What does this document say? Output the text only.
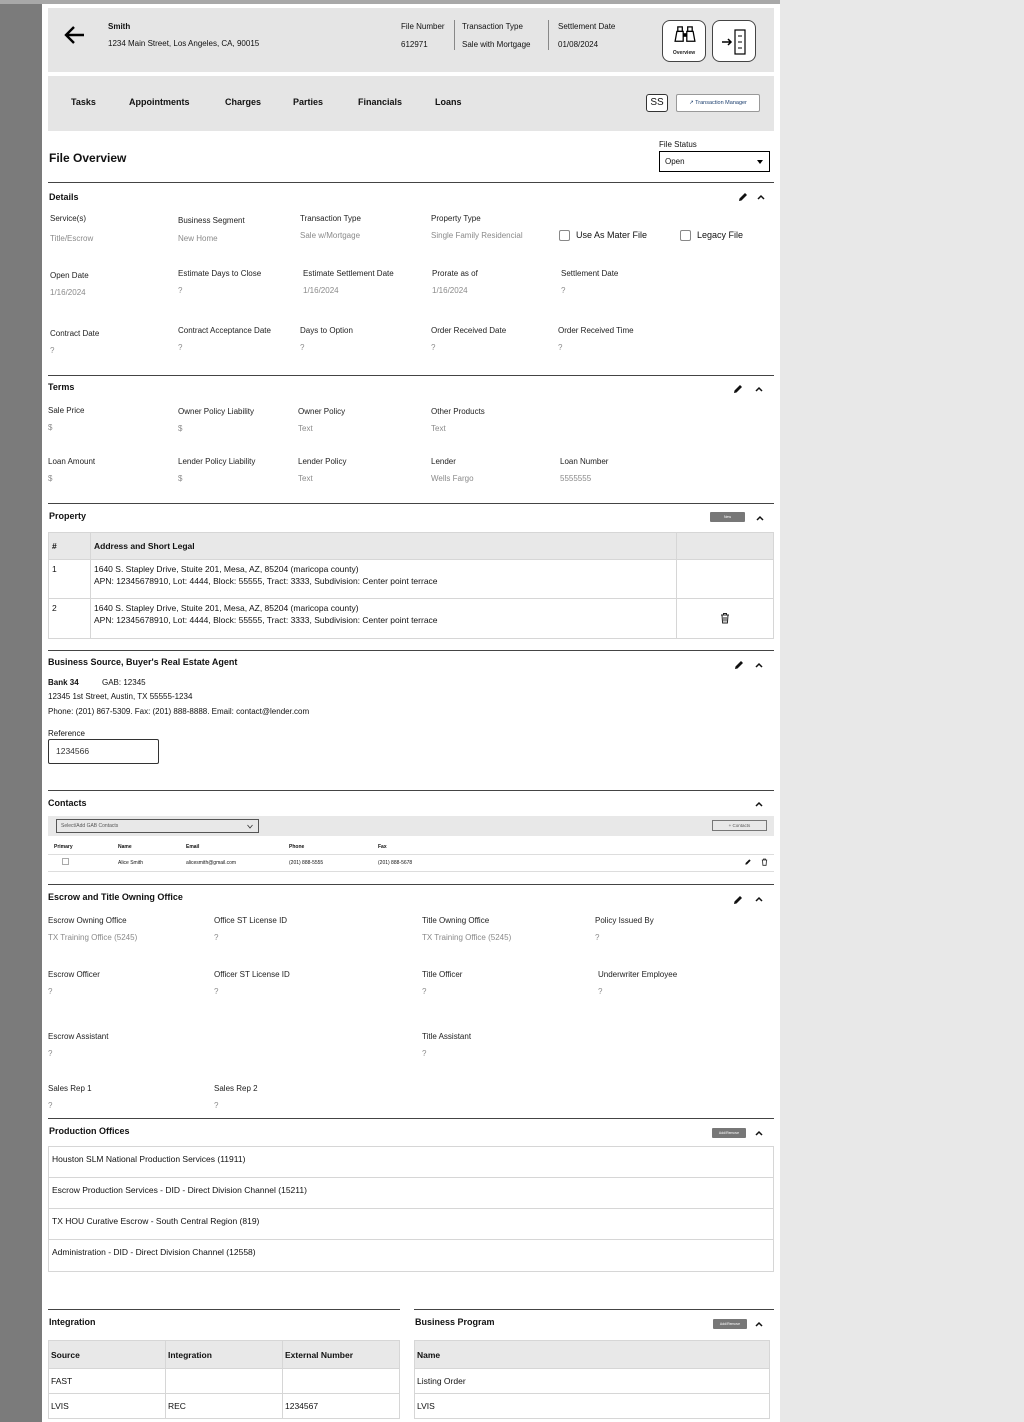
Smith
1234 Main Street, Los Angeles, CA, 90015
File Number
612971
Transaction Type
Sale with Mortgage
Settlement Date
01/08/2024
Overview
Tasks	Appointments	Charges	Parties	Financials	Loans	SS	↗ Transaction Manager
File Overview
File Status
Open
Details
Service(s)
Title/Escrow
Business Segment
New Home
Transaction Type
Sale w/Mortgage
Property Type
Single Family Residencial	Use As Mater File	Legacy File
Open Date
1/16/2024
Estimate Days to Close
?
Estimate Settlement Date
1/16/2024
Prorate as of
1/16/2024
Settlement Date
?
Contract Date
?
Contract Acceptance Date
?
Days to Option
?
Order Received Date
?
Order Received Time
?
Terms
Sale Price
$
Owner Policy Liability
$
Owner Policy
Text
Other Products
Text
Loan Amount
$
Lender Policy Liability
$
Lender Policy
Text
Lender
Wells Fargo
Loan Number
5555555
Property	New
#	Address and Short Legal	
1	1640 S. Stapley Drive, Stuite 201, Mesa, AZ, 85204 (maricopa county)
APN: 12345678910, Lot: 4444, Block: 55555, Tract: 3333, Subdivision: Center point terrace	

2	1640 S. Stapley Drive, Stuite 201, Mesa, AZ, 85204 (maricopa county)
APN: 12345678910, Lot: 4444, Block: 55555, Tract: 3333, Subdivision: Center point terrace

Business Source, Buyer's Real Estate Agent
Bank 34	GAB: 12345
12345 1st Street, Austin, TX 55555-1234
Phone: (201) 867-5309. Fax: (201) 888-8888. Email: contact@lender.com
Reference
1234566
Contacts
Select/Add GAB Contacts	+ Contacts
Primary	Name	Email	Phone	Fax	
	Alice Smith	alicesmith@gmail.com	(201) 888-5555	(201) 888-5678	
Escrow and Title Owning Office
Escrow Owning Office
TX Training Office (5245)
Office ST License ID
?
Title Owning Office
TX Training Office (5245)
Policy Issued By
?
Escrow Officer
?
Officer ST License ID
?
Title Officer
?
Underwriter Employee
?
Escrow Assistant
?
Title Assistant
?
Sales Rep 1
?
Sales Rep 2
?
Production Offices	Add/Remove
Houston SLM National Production Services (11911)
Escrow Production Services - DID - Direct Division Channel (15211)
TX HOU Curative Escrow - South Central Region (819)
Administration - DID - Direct Division Channel (12558)
Integration	Business Program	Add/Remove
Source	Integration	External Number
FAST		
LVIS	REC	1234567
Name
Listing Order
LVIS
